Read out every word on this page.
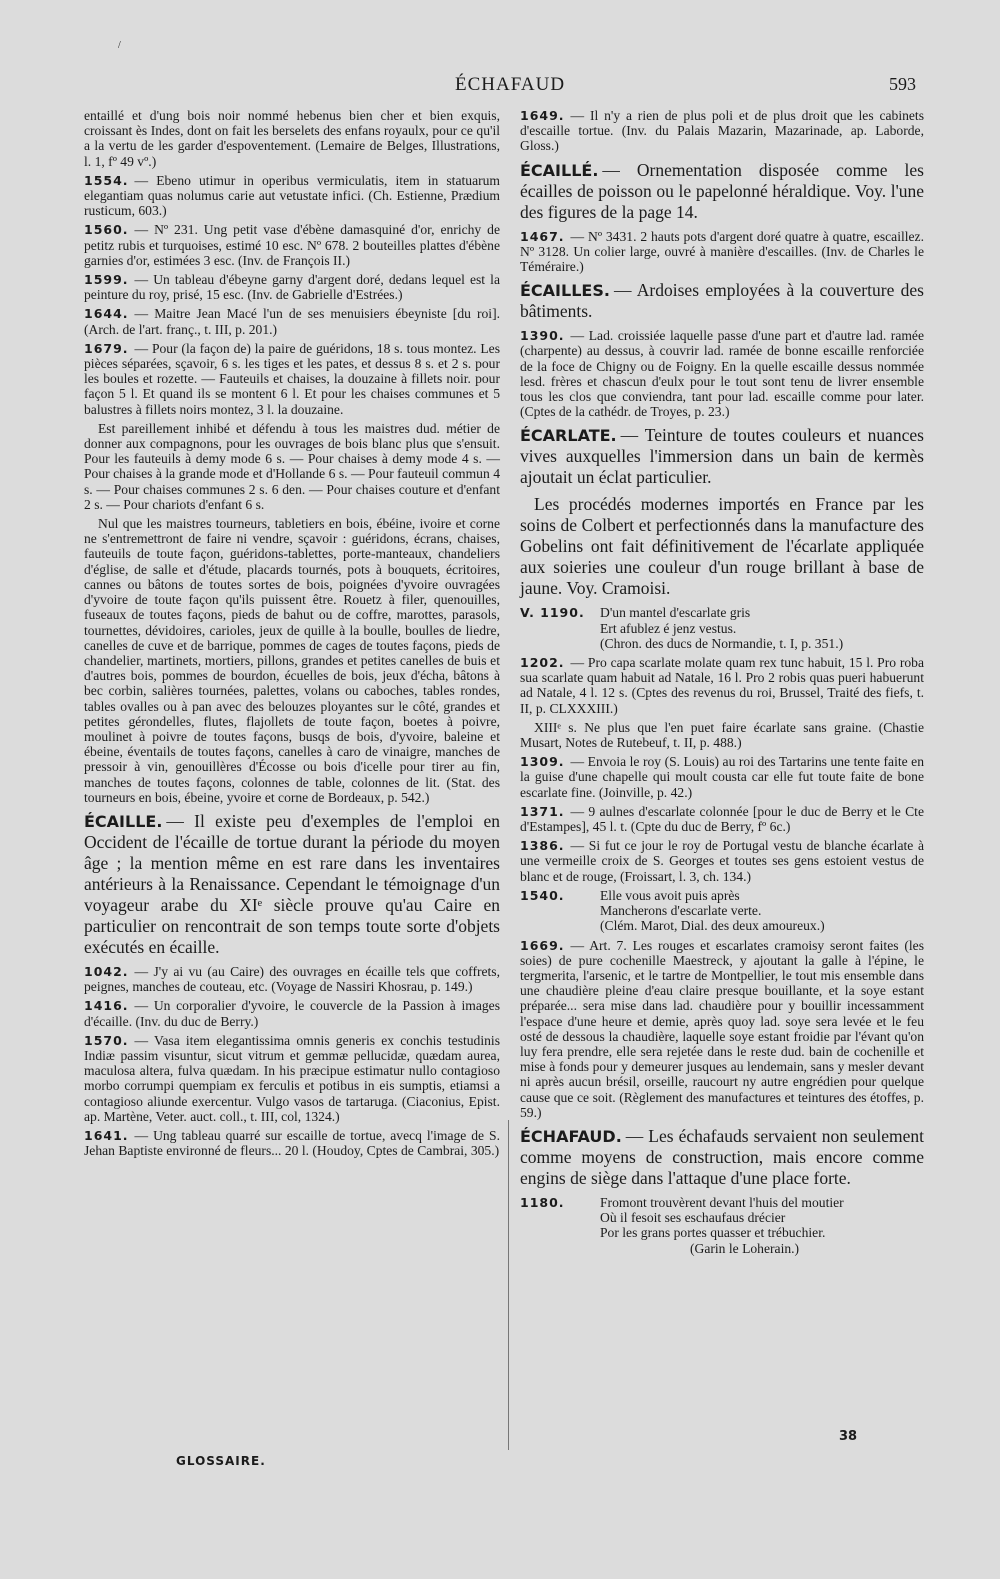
/
ÉCHAFAUD	593

entaillé et d'ung bois noir nommé hebenus bien cher et bien exquis, croissant ès Indes, dont on fait les berselets des enfans royaulx, pour ce qu'il a la vertu de les garder d'espoventement. (Lemaire de Belges, Illustrations, l. 1, fº 49 vº.)

1554. — Ebeno utimur in operibus vermiculatis, item in statuarum elegantiam quas nolumus carie aut vetustate infici. (Ch. Estienne, Prædium rusticum, 603.)

1560. — Nº 231. Ung petit vase d'ébène damasquiné d'or, enrichy de petitz rubis et turquoises, estimé 10 esc. Nº 678. 2 bouteilles plattes d'ébène garnies d'or, estimées 3 esc. (Inv. de François II.)

1599. — Un tableau d'ébeyne garny d'argent doré, dedans lequel est la peinture du roy, prisé, 15 esc. (Inv. de Gabrielle d'Estrées.)

1644. — Maitre Jean Macé l'un de ses menuisiers ébeyniste [du roi]. (Arch. de l'art. franç., t. III, p. 201.)

1679. — Pour (la façon de) la paire de guéridons, 18 s. tous montez. Les pièces séparées, sçavoir, 6 s. les tiges et les pates, et dessus 8 s. et 2 s. pour les boules et rozette. — Fauteuils et chaises, la douzaine à fillets noir. pour façon 5 l. Et quand ils se montent 6 l. Et pour les chaises communes et 5 balustres à fillets noirs montez, 3 l. la douzaine.

Est pareillement inhibé et défendu à tous les maistres dud. métier de donner aux compagnons, pour les ouvrages de bois blanc plus que s'ensuit. Pour les fauteuils à demy mode 6 s. — Pour chaises à demy mode 4 s. — Pour chaises à la grande mode et d'Hollande 6 s. — Pour fauteuil commun 4 s. — Pour chaises communes 2 s. 6 den. — Pour chaises couture et d'enfant 2 s. — Pour chariots d'enfant 6 s.

Nul que les maistres tourneurs, tabletiers en bois, ébéine, ivoire et corne ne s'entremettront de faire ni vendre, sçavoir : guéridons, écrans, chaises, fauteuils de toute façon, guéridons-tablettes, porte-manteaux, chandeliers d'église, de salle et d'étude, placards tournés, pots à bouquets, écritoires, cannes ou bâtons de toutes sortes de bois, poignées d'yvoire ouvragées d'yvoire de toute façon qu'ils puissent être. Rouetz à filer, quenouilles, fuseaux de toutes façons, pieds de bahut ou de coffre, marottes, parasols, tournettes, dévidoires, carioles, jeux de quille à la boulle, boulles de liedre, canelles de cuve et de barrique, pommes de cages de toutes façons, pieds de chandelier, martinets, mortiers, pillons, grandes et petites canelles de buis et d'autres bois, pommes de bourdon, écuelles de bois, jeux d'écha, bâtons à bec corbin, salières tournées, palettes, volans ou caboches, tables rondes, tables ovalles ou à pan avec des belouzes ployantes sur le côté, grandes et petites gérondelles, flutes, flajollets de toute façon, boetes à poivre, moulinet à poivre de toutes façons, busqs de bois, d'yvoire, baleine et ébeine, éventails de toutes façons, canelles à caro de vinaigre, manches de pressoir à vin, genouillères d'Écosse ou bois d'icelle pour tirer au fin, manches de toutes façons, colonnes de table, colonnes de lit. (Stat. des tourneurs en bois, ébeine, yvoire et corne de Bordeaux, p. 542.)

ÉCAILLE. — Il existe peu d'exemples de l'emploi en Occident de l'écaille de tortue durant la période du moyen âge ; la mention même en est rare dans les inventaires antérieurs à la Renaissance. Cependant le témoignage d'un voyageur arabe du XIᵉ siècle prouve qu'au Caire en particulier on rencontrait de son temps toute sorte d'objets exécutés en écaille.

1042. — J'y ai vu (au Caire) des ouvrages en écaille tels que coffrets, peignes, manches de couteau, etc. (Voyage de Nassiri Khosrau, p. 149.)

1416. — Un corporalier d'yvoire, le couvercle de la Passion à images d'écaille. (Inv. du duc de Berry.)

1570. — Vasa item elegantissima omnis generis ex conchis testudinis Indiæ passim visuntur, sicut vitrum et gemmæ pellucidæ, quædam aurea, maculosa altera, fulva quædam. In his præcipue estimatur nullo contagioso morbo corrumpi quempiam ex ferculis et potibus in eis sumptis, etiamsi a contagioso aliunde exercentur. Vulgo vasos de tartaruga. (Ciaconius, Epist. ap. Martène, Veter. auct. coll., t. III, col, 1324.)

1641. — Ung tableau quarré sur escaille de tortue, avecq l'image de S. Jehan Baptiste environné de fleurs... 20 l. (Houdoy, Cptes de Cambrai, 305.)

1649. — Il n'y a rien de plus poli et de plus droit que les cabinets d'escaille tortue. (Inv. du Palais Mazarin, Mazarinade, ap. Laborde, Gloss.)

ÉCAILLÉ. — Ornementation disposée comme les écailles de poisson ou le papelonné héraldique. Voy. l'une des figures de la page 14.

1467. — Nº 3431. 2 hauts pots d'argent doré quatre à quatre, escaillez. Nº 3128. Un colier large, ouvré à manière d'escailles. (Inv. de Charles le Téméraire.)

ÉCAILLES. — Ardoises employées à la couverture des bâtiments.

1390. — Lad. croissiée laquelle passe d'une part et d'autre lad. ramée (charpente) au dessus, à couvrir lad. ramée de bonne escaille renforciée de la foce de Chigny ou de Foigny. En la quelle escaille dessus nommée lesd. frères et chascun d'eulx pour le tout sont tenu de livrer ensemble tous les clos que conviendra, tant pour lad. escaille comme pour later. (Cptes de la cathédr. de Troyes, p. 23.)

ÉCARLATE. — Teinture de toutes couleurs et nuances vives auxquelles l'immersion dans un bain de kermès ajoutait un éclat particulier.

Les procédés modernes importés en France par les soins de Colbert et perfectionnés dans la manufacture des Gobelins ont fait définitivement de l'écarlate appliquée aux soieries une couleur d'un rouge brillant à base de jaune. Voy. Cramoisi.

V. 1190. D'un mantel d'escarlate gris
Ert afublez é jenz vestus.
(Chron. des ducs de Normandie, t. I, p. 351.)

1202. — Pro capa scarlate molate quam rex tunc habuit, 15 l. Pro roba sua scarlate quam habuit ad Natale, 16 l. Pro 2 robis quas pueri habuerunt ad Natale, 4 l. 12 s. (Cptes des revenus du roi, Brussel, Traité des fiefs, t. II, p. CLXXXIII.)

XIIIᵉ s. Ne plus que l'en puet faire écarlate sans graine. (Chastie Musart, Notes de Rutebeuf, t. II, p. 488.)

1309. — Envoia le roy (S. Louis) au roi des Tartarins une tente faite en la guise d'une chapelle qui moult cousta car elle fut toute faite de bone escarlate fine. (Joinville, p. 42.)

1371. — 9 aulnes d'escarlate colonnée [pour le duc de Berry et le Cte d'Estampes], 45 l. t. (Cpte du duc de Berry, fº 6c.)

1386. — Si fut ce jour le roy de Portugal vestu de blanche écarlate à une vermeille croix de S. Georges et toutes ses gens estoient vestus de blanc et de rouge, (Froissart, l. 3, ch. 134.)

1540.	Elle vous avoit puis après
Mancherons d'escarlate verte.
(Clém. Marot, Dial. des deux amoureux.)

1669. — Art. 7. Les rouges et escarlates cramoisy seront faites (les soies) de pure cochenille Maestreck, y ajoutant la galle à l'épine, le tergmerita, l'arsenic, et le tartre de Montpellier, le tout mis ensemble dans une chaudière pleine d'eau claire presque bouillante, et la soye estant préparée... sera mise dans lad. chaudière pour y bouillir incessamment l'espace d'une heure et demie, après quoy lad. soye sera levée et le feu osté de dessous la chaudière, laquelle soye estant froidie par l'évant qu'on luy fera prendre, elle sera rejetée dans le reste dud. bain de cochenille et mise à fonds pour y demeurer jusques au lendemain, sans y mesler devant ni après aucun brésil, orseille, raucourt ny autre engrédien pour quelque cause que ce soit. (Règlement des manufactures et teintures des étoffes, p. 59.)

ÉCHAFAUD. — Les échafauds servaient non seulement comme moyens de construction, mais encore comme engins de siège dans l'attaque d'une place forte.

1180.	Fromont trouvèrent devant l'huis del moutier
Où il fesoit ses eschaufaus drécier
Por les grans portes quasser et trébuchier.
(Garin le Loherain.)

GLOSSAIRE.
38
